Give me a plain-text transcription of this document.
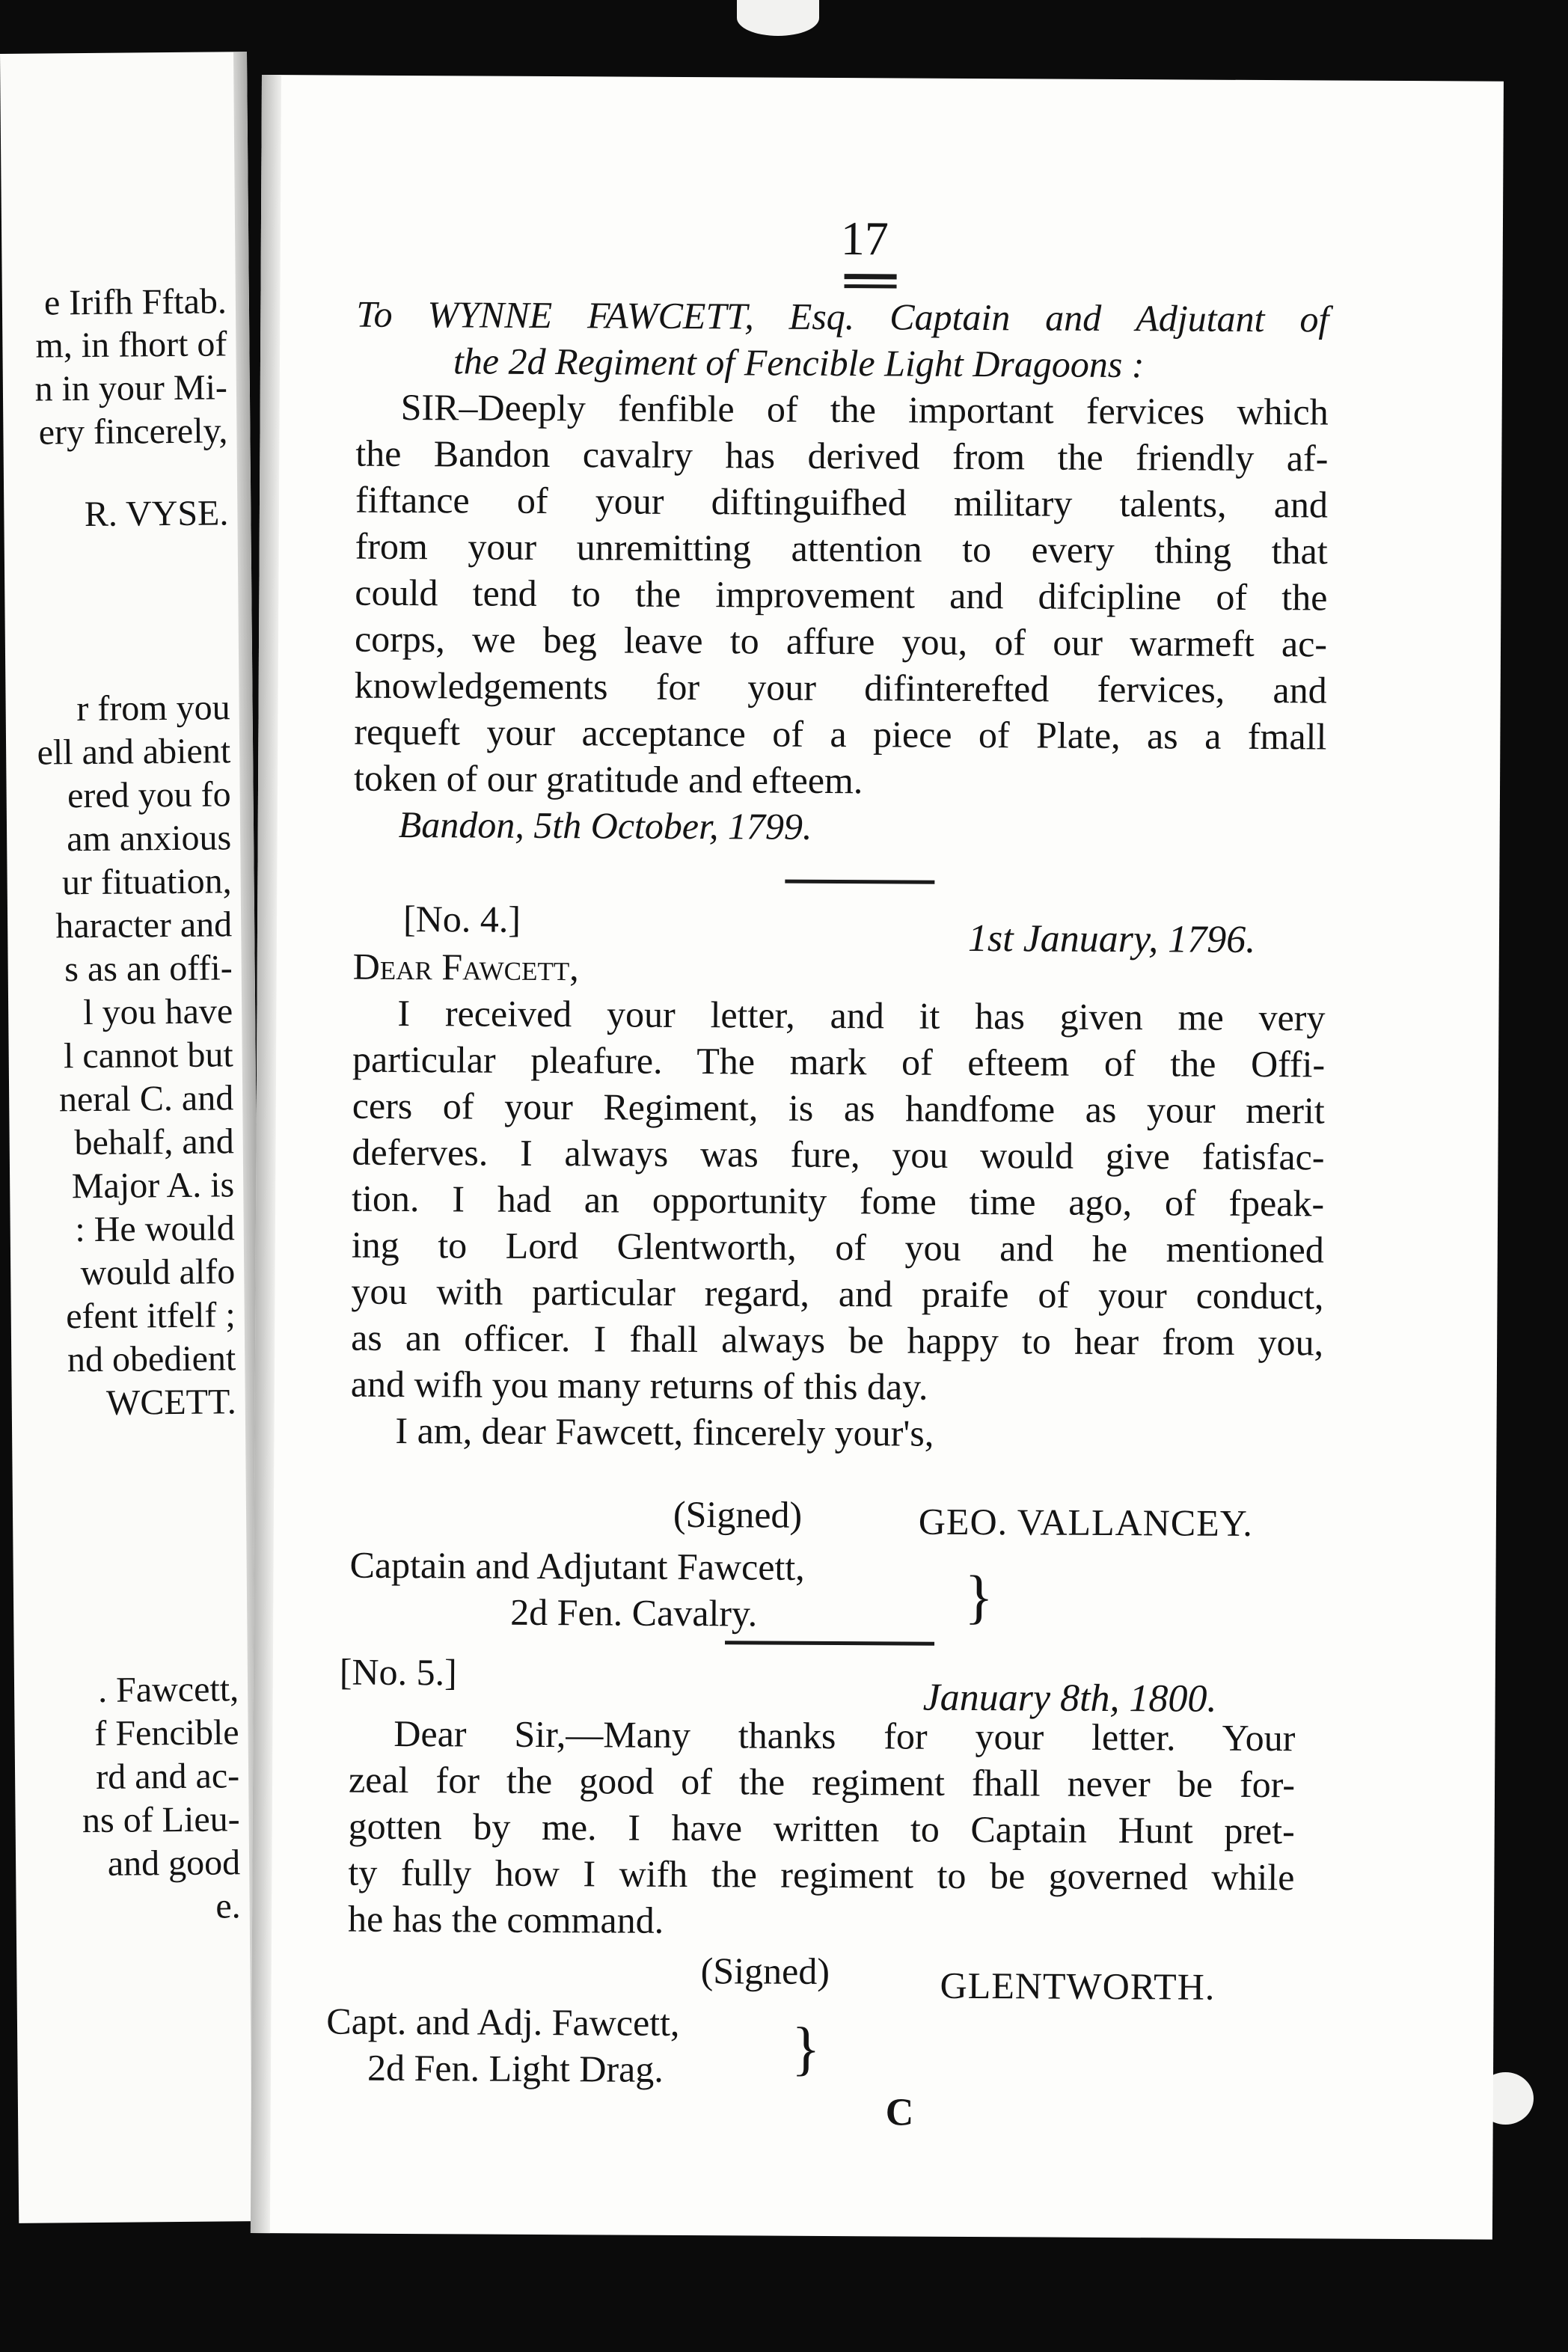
e Irifh Fftab.
m, in fhort of
n in your Mi-
ery fincerely,
R. VYSE.
r from you
ell and abient
ered you fo
am anxious
ur fituation,
haracter and
s as an offi-
l you have
l cannot but
neral C. and
behalf, and
Major A. is
: He would
would alfo
efent itfelf ;
nd obedient
WCETT.
. Fawcett,
f Fencible
rd and ac-
ns of Lieu-
and good
e.
17
To WYNNE FAWCETT, Esq. Captain and Adjutant of
the 2d Regiment of Fencible Light Dragoons :
SIR–Deeply fenfible of the important fervices which
the Bandon cavalry has derived from the friendly af-
fiftance of your diftinguifhed military talents, and
from your unremitting attention to every thing that
could tend to the improvement and difcipline of the
corps, we beg leave to affure you, of our warmeft ac-
knowledgements for your difinterefted fervices, and
requeft your acceptance of a piece of Plate, as a fmall
token of our gratitude and efteem.
Bandon, 5th October, 1799.
[No. 4.]	1st January, 1796.
Dear Fawcett,
I received your letter, and it has given me very
particular pleafure. The mark of efteem of the Offi-
cers of your Regiment, is as handfome as your merit
deferves. I always was fure, you would give fatisfac-
tion. I had an opportunity fome time ago, of fpeak-
ing to Lord Glentworth, of you and he mentioned
you with particular regard, and praife of your conduct,
as an officer. I fhall always be happy to hear from you,
and wifh you many returns of this day.
I am, dear Fawcett, fincerely your's,
(Signed)	GEO. VALLANCEY.
Captain and Adjutant Fawcett,
2d Fen. Cavalry.	}
[No. 5.]
January 8th, 1800.
Dear Sir,—Many thanks for your letter. Your
zeal for the good of the regiment fhall never be for-
gotten by me. I have written to Captain Hunt pret-
ty fully how I wifh the regiment to be governed while
he has the command.
(Signed)	GLENTWORTH.
Capt. and Adj. Fawcett,
2d Fen. Light Drag. }
C
